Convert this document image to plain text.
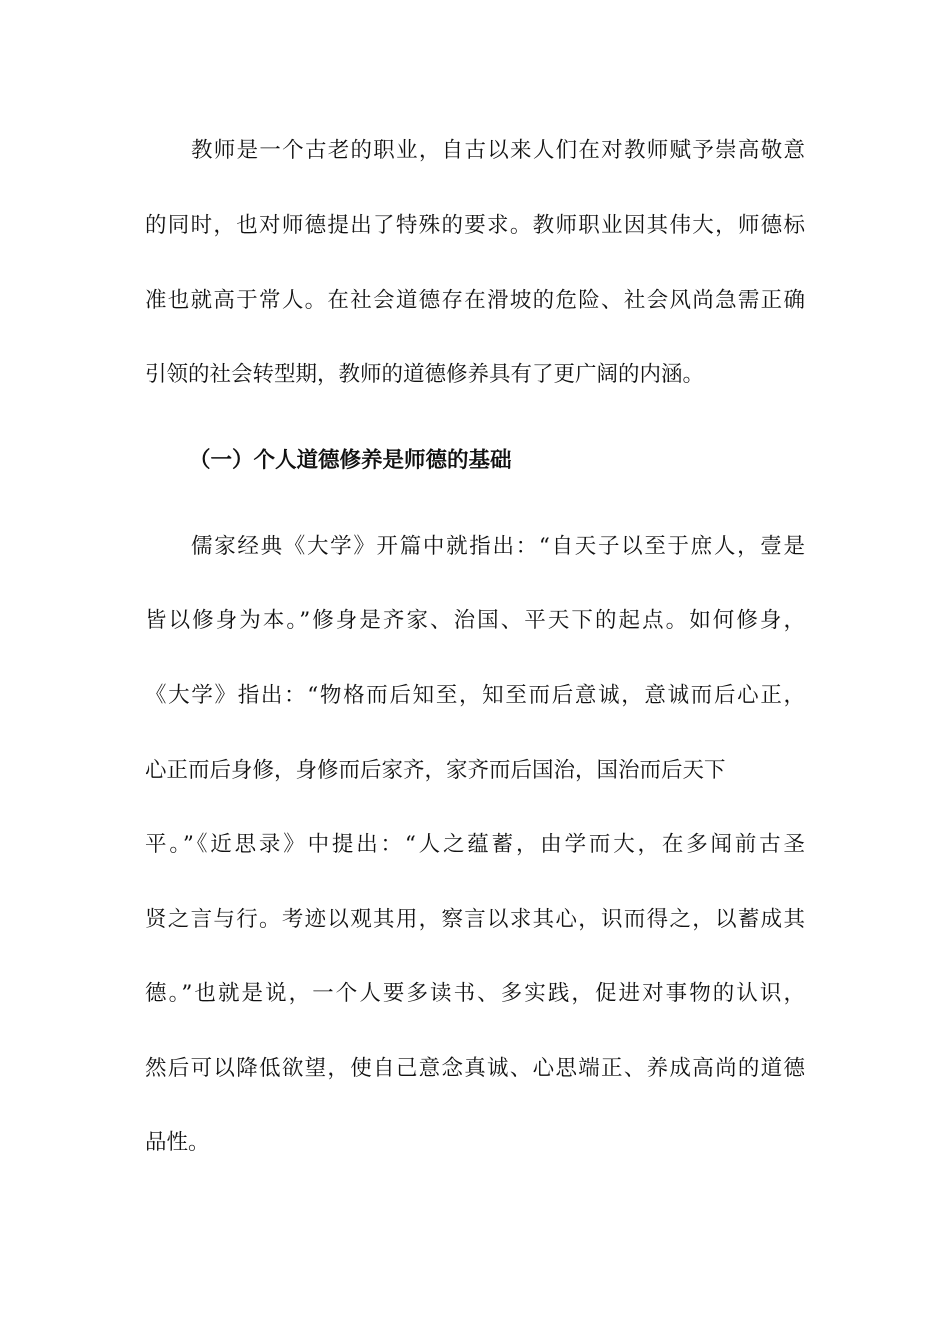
教师是一个古老的职业，自古以来人们在对教师赋予崇高敬意
的同时，也对师德提出了特殊的要求。教师职业因其伟大，师德标
准也就高于常人。在社会道德存在滑坡的危险、社会风尚急需正确
引领的社会转型期，教师的道德修养具有了更广阔的内涵。
（一）个人道德修养是师德的基础
儒家经典《大学》开篇中就指出：“自天子以至于庶人，壹是
皆以修身为本。”修身是齐家、治国、平天下的起点。如何修身，
《大学》指出：“物格而后知至，知至而后意诚，意诚而后心正，
心正而后身修，身修而后家齐，家齐而后国治，国治而后天下
平。”《近思录》中提出：“人之蕴蓄，由学而大，在多闻前古圣
贤之言与行。考迹以观其用，察言以求其心，识而得之，以蓄成其
德。”也就是说，一个人要多读书、多实践，促进对事物的认识，
然后可以降低欲望，使自己意念真诚、心思端正、养成高尚的道德
品性。
